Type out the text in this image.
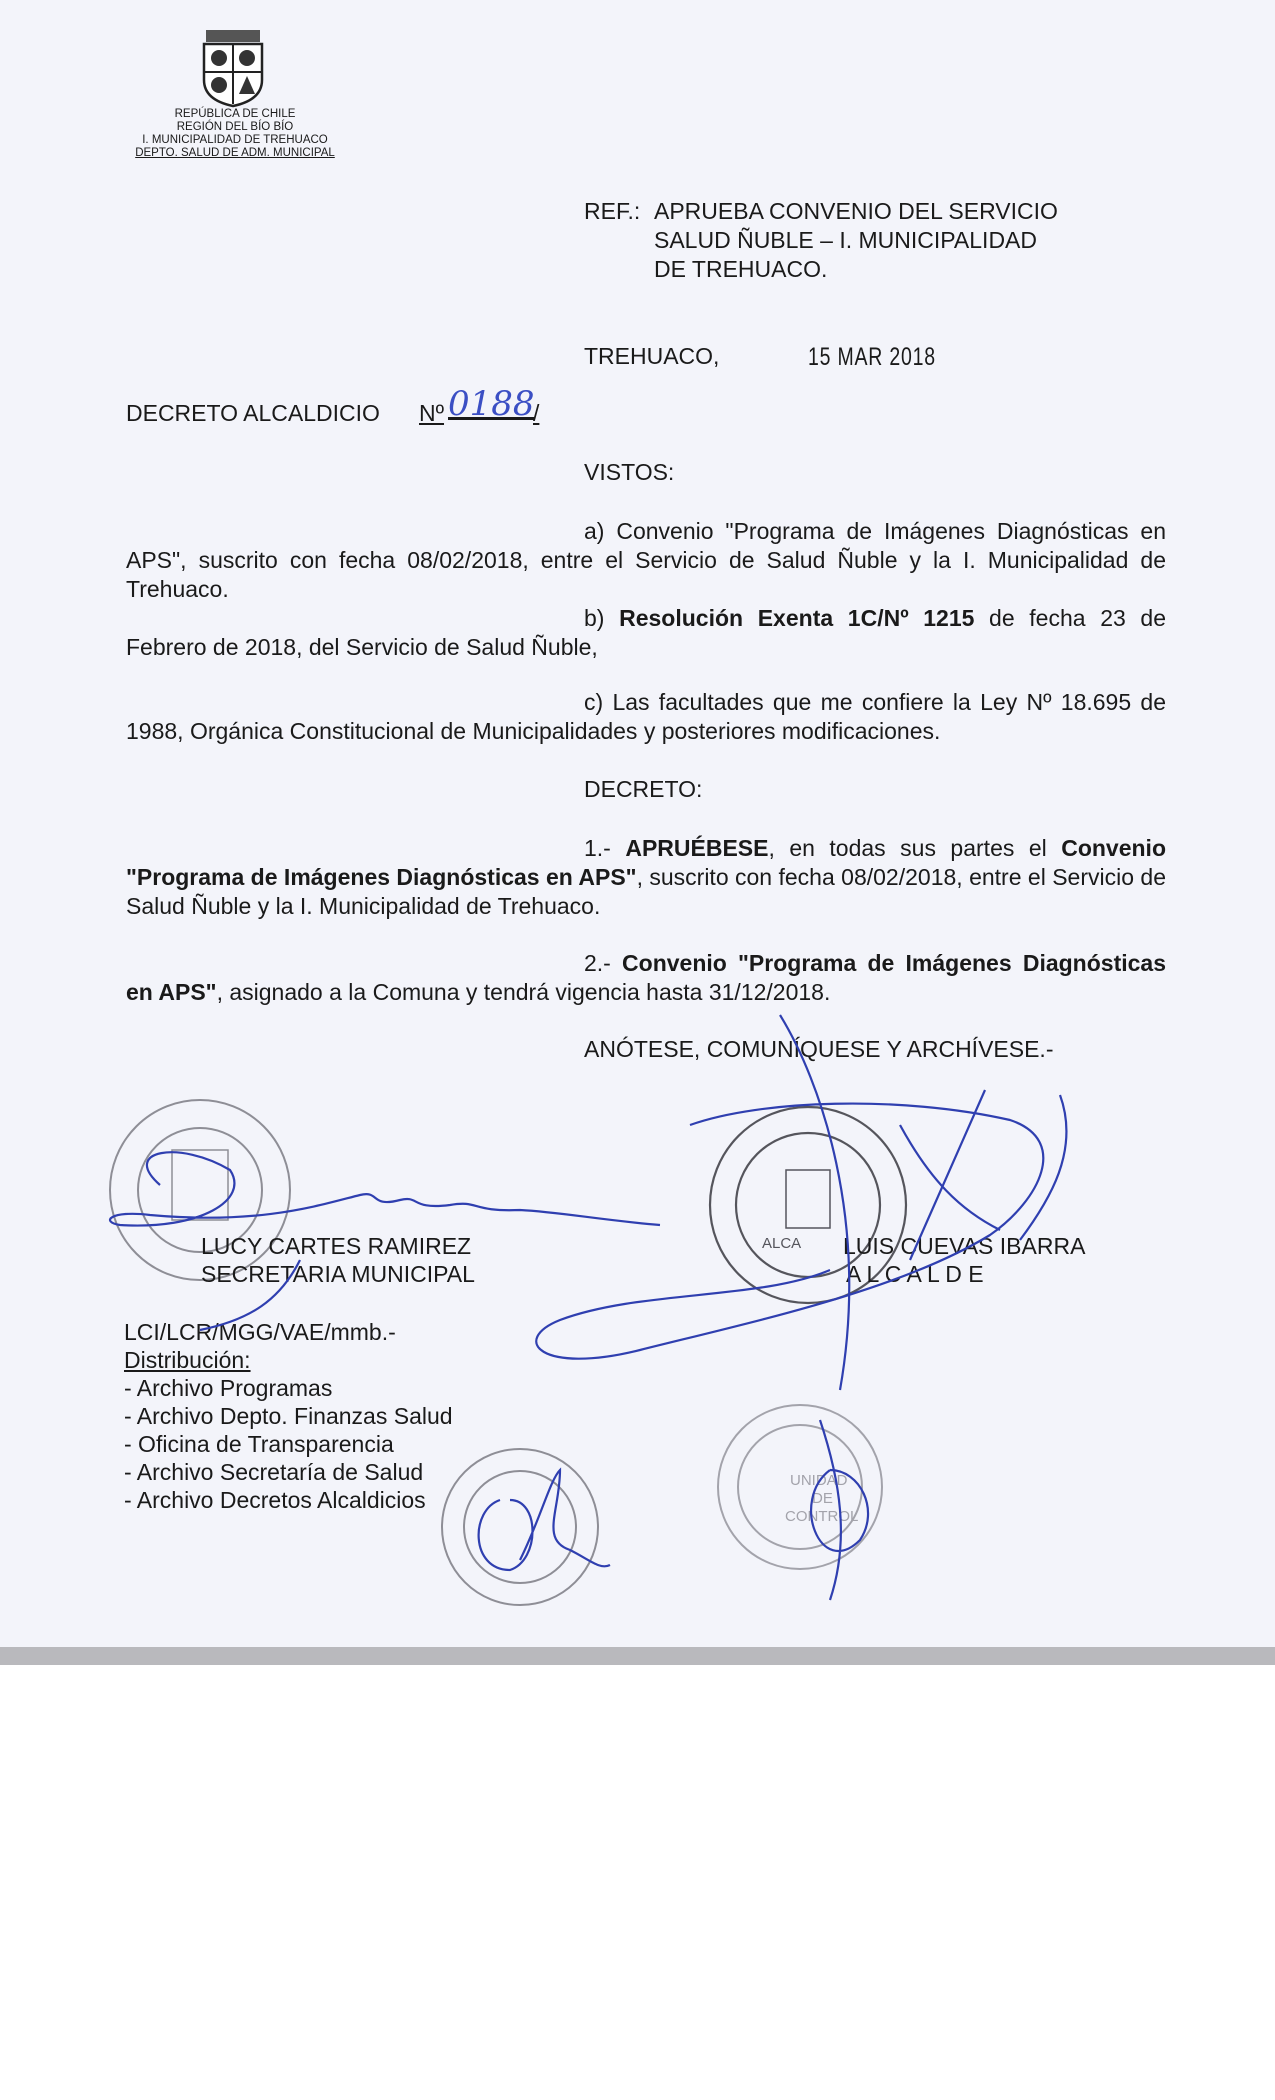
REPÚBLICA DE CHILE
REGIÓN DEL BÍO BÍO
I. MUNICIPALIDAD DE TREHUACO
DEPTO. SALUD DE ADM. MUNICIPAL
REF.: APRUEBA CONVENIO DEL SERVICIO
SALUD ÑUBLE – I. MUNICIPALIDAD
DE TREHUACO.
TREHUACO,	15 MAR 2018
DECRETO ALCALDICIO Nº 0188
/
VISTOS:
a) Convenio "Programa de Imágenes Diagnósticas en APS", suscrito con fecha 08/02/2018, entre el Servicio de Salud Ñuble y la I. Municipalidad de Trehuaco.
b) Resolución Exenta 1C/Nº 1215 de fecha 23 de Febrero de 2018, del Servicio de Salud Ñuble,
c) Las facultades que me confiere la Ley Nº 18.695 de 1988, Orgánica Constitucional de Municipalidades y posteriores modificaciones.
DECRETO:
1.- APRUÉBESE, en todas sus partes el Convenio "Programa de Imágenes Diagnósticas en APS", suscrito con fecha 08/02/2018, entre el Servicio de Salud Ñuble y la I. Municipalidad de Trehuaco.
2.- Convenio "Programa de Imágenes Diagnósticas en APS", asignado a la Comuna y tendrá vigencia hasta 31/12/2018.
ANÓTESE, COMUNÍQUESE Y ARCHÍVESE.-
UNIDAD
DE
CONTROL
ALCA
LUCY CARTES RAMIREZ
SECRETARIA MUNICIPAL
LUIS CUEVAS IBARRA
A L C A L D E
LCI/LCR/MGG/VAE/mmb.-
Distribución:
- Archivo Programas
- Archivo Depto. Finanzas Salud
- Oficina de Transparencia
- Archivo Secretaría de Salud
- Archivo Decretos Alcaldicios
